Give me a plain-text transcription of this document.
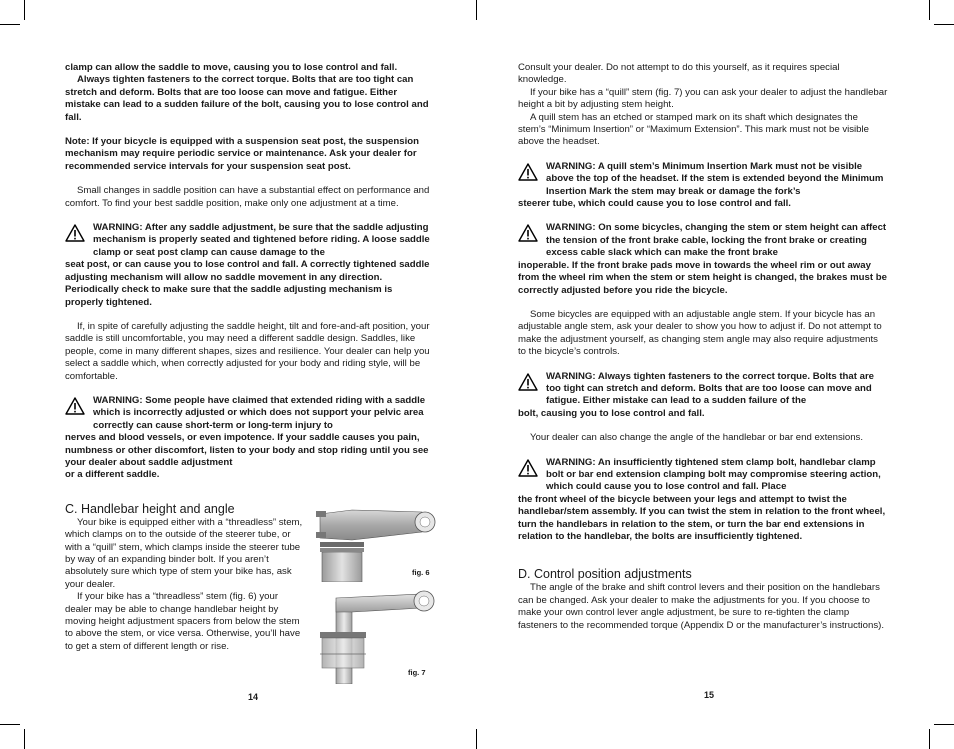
clamp can allow the saddle to move, causing you to lose control and fall.

Always tighten fasteners to the correct torque. Bolts that are too tight can stretch and deform. Bolts that are too loose can move and fatigue. Either mistake can lead to a sudden failure of the bolt, causing you to lose control and fall.

Note: If your bicycle is equipped with a suspension seat post, the suspension mechanism may require periodic service or maintenance. Ask your dealer for recommended service intervals for your suspension seat post.

Small changes in saddle position can have a substantial effect on performance and comfort. To find your best saddle position, make only one adjustment at a time.

WARNING: After any saddle adjustment, be sure that the saddle adjusting mechanism is properly seated and tightened before riding. A loose saddle clamp or seat post clamp can cause damage to the
seat post, or can cause you to lose control and fall. A correctly tightened saddle adjusting mechanism will allow no saddle movement in any direction. Periodically check to make sure that the saddle adjusting mechanism is properly tightened.

If, in spite of carefully adjusting the saddle height, tilt and fore-and-aft position, your saddle is still uncomfortable, you may need a different saddle design. Saddles, like people, come in many different shapes, sizes and resilience. Your dealer can help you select a saddle which, when correctly adjusted for your body and riding style, will be comfortable.

WARNING: Some people have claimed that extended riding with a saddle which is incorrectly adjusted or which does not support your pelvic area correctly can cause short-term or long-term injury to
nerves and blood vessels, or even impotence. If your saddle causes you pain, numbness or other discomfort, listen to your body and stop riding until you see your dealer about saddle adjustment
or a different saddle.
C. Handlebar height and angle

Your bike is equipped either with a “threadless” stem, which clamps on to the outside of the steerer tube, or with a “quill” stem, which clamps inside the steerer tube by way of an expanding binder bolt. If you aren’t absolutely sure which type of stem your bike has, ask your dealer.

If your bike has a “threadless” stem (fig. 6) your dealer may be able to change handlebar height by moving height adjustment spacers from below the stem to above the stem, or vice versa. Otherwise, you’ll have to get a stem of different length or rise.

fig. 6
fig. 7
14

Consult your dealer. Do not attempt to do this yourself, as it requires special knowledge.

If your bike has a “quill” stem (fig. 7) you can ask your dealer to adjust the handlebar height a bit by adjusting stem height.

A quill stem has an etched or stamped mark on its shaft which designates the stem’s “Minimum Insertion” or “Maximum Extension”. This mark must not be visible above the headset.

WARNING: A quill stem’s Minimum Insertion Mark must not be visible above the top of the headset. If the stem is extended beyond the Minimum Insertion Mark the stem may break or damage the fork’s
steerer tube, which could cause you to lose control and fall.
WARNING: On some bicycles, changing the stem or stem height can affect the tension of the front brake cable, locking the front brake or creating excess cable slack which can make the front brake
inoperable. If the front brake pads move in towards the wheel rim or out away from the wheel rim when the stem or stem height is changed, the brakes must be correctly adjusted before you ride the bicycle.

Some bicycles are equipped with an adjustable angle stem. If your bicycle has an adjustable angle stem, ask your dealer to show you how to adjust if. Do not attempt to make the adjustment yourself, as changing stem angle may also require adjustments to the bicycle’s controls.

WARNING: Always tighten fasteners to the correct torque. Bolts that are too tight can stretch and deform. Bolts that are too loose can move and fatigue. Either mistake can lead to a sudden failure of the
bolt, causing you to lose control and fall.

Your dealer can also change the angle of the handlebar or bar end extensions.

WARNING: An insufficiently tightened stem clamp bolt, handlebar clamp bolt or bar end extension clamping bolt may compromise steering action, which could cause you to lose control and fall. Place
the front wheel of the bicycle between your legs and attempt to twist the handlebar/stem assembly. If you can twist the stem in relation to the front wheel, turn the handlebars in relation to the stem, or turn the bar end extensions in relation to the handlebar, the bolts are insufficiently tightened.
D. Control position adjustments

The angle of the brake and shift control levers and their position on the handlebars can be changed. Ask your dealer to make the adjustments for you. If you choose to make your own control lever angle adjustment, be sure to re-tighten the clamp fasteners to the recommended torque (Appendix D or the manufacturer’s instructions).

15
